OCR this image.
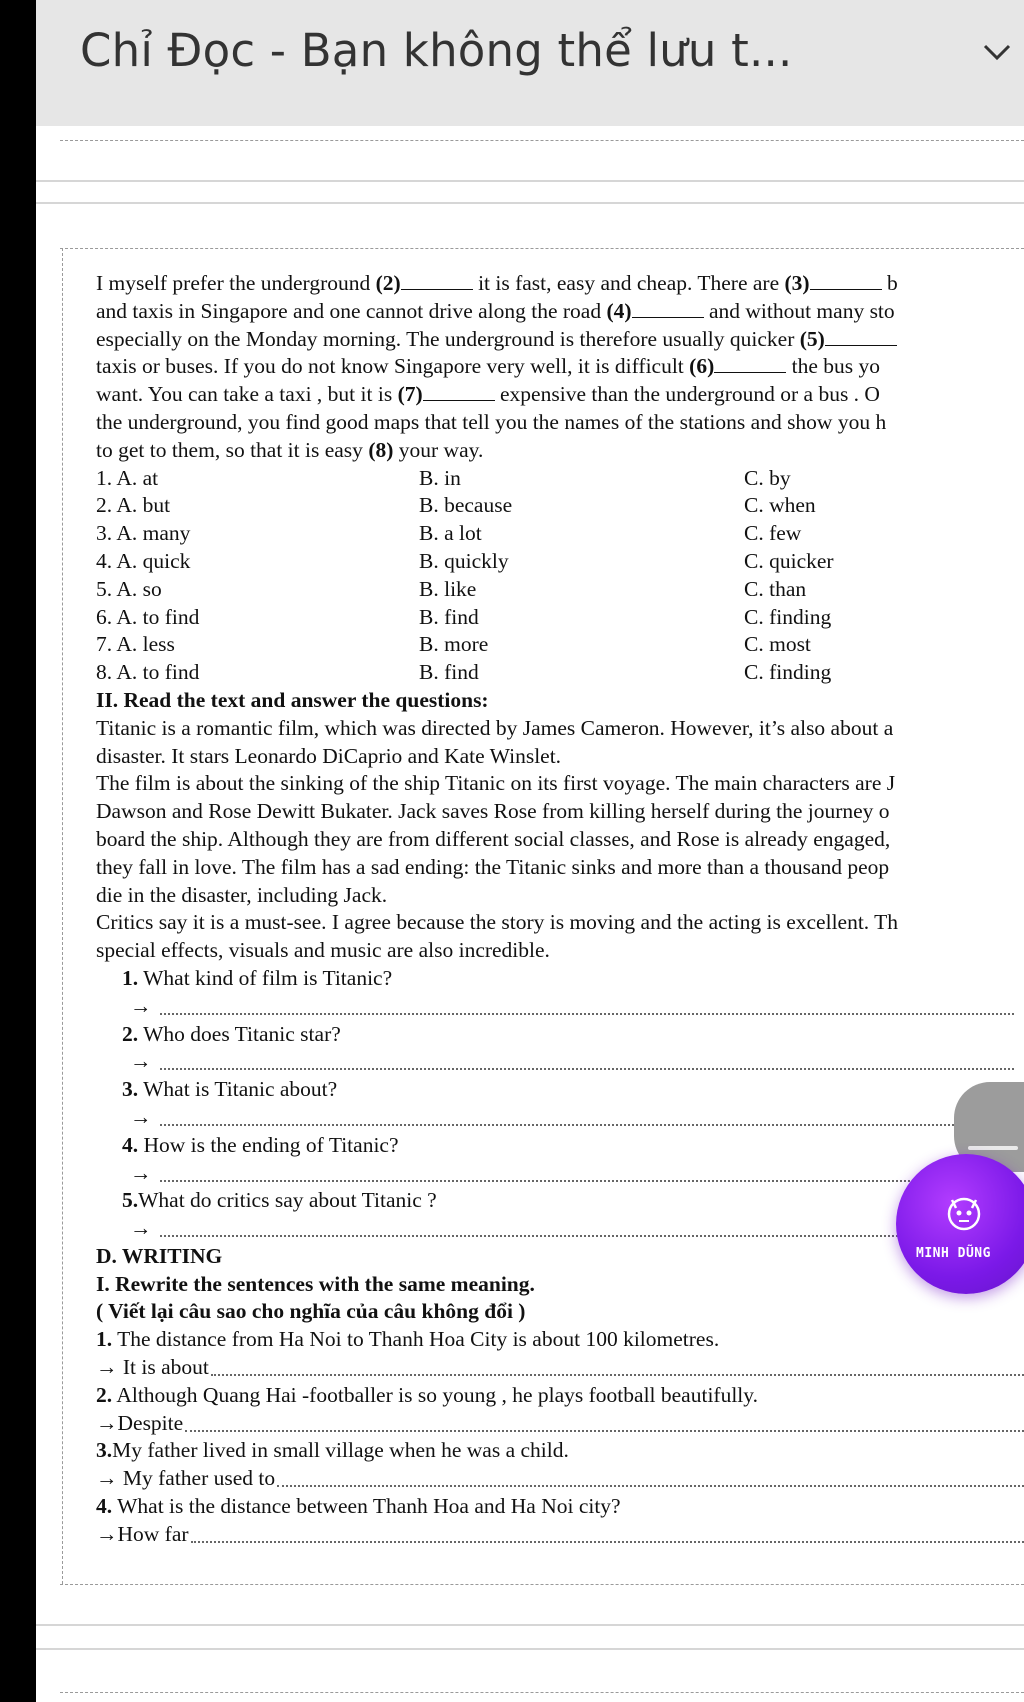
Chỉ Đọc - Bạn không thể lưu t...
I myself prefer the underground (2)	it is fast, easy and cheap. There are (3)	b
and taxis in Singapore and one cannot drive along the road (4)	and without many sto
especially on the Monday morning. The underground is therefore usually quicker (5)
taxis or buses. If you do not know Singapore very well, it is difficult (6)	the bus yo
want. You can take a taxi , but it is (7)	expensive than the underground or a bus . O
the underground, you find good maps that tell you the names of the stations and show you h
to get to them, so that it is easy (8) your way.
1. A. at	B. in	C. by
2. A. but	B. because	C. when
3. A. many	B. a lot	C. few
4. A. quick	B. quickly	C. quicker
5. A. so	B. like	C. than
6. A. to find	B. find	C. finding
7. A. less	B. more	C. most
8. A. to find	B. find	C. finding
II. Read the text and answer the questions:
Titanic is a romantic film, which was directed by James Cameron. However, it’s also about a
disaster. It stars Leonardo DiCaprio and Kate Winslet.
The film is about the sinking of the ship Titanic on its first voyage. The main characters are J
Dawson and Rose Dewitt Bukater. Jack saves Rose from killing herself during the journey o
board the ship. Although they are from different social classes, and Rose is already engaged,
they fall in love. The film has a sad ending: the Titanic sinks and more than a thousand peop
die in the disaster, including Jack.
Critics say it is a must-see. I agree because the story is moving and the acting is excellent. Th
special effects, visuals and music are also incredible.
1. What kind of film is Titanic?
→
2. Who does Titanic star?
→
3. What is Titanic about?
→
4. How is the ending of Titanic?
→
5.What do critics say about Titanic ?
→
D. WRITING
I. Rewrite the sentences with the same meaning.
( Viết lại câu sao cho nghĩa của câu không đổi )
1. The distance from Ha Noi to Thanh Hoa City is about 100 kilometres.
→ It is about
2. Although Quang Hai -footballer is so young , he plays football beautifully.
→Despite
3.My father lived in small village when he was a child.
→ My father used to
4. What is the distance between Thanh Hoa and Ha Noi city?
→How far
MINH DŨNG
